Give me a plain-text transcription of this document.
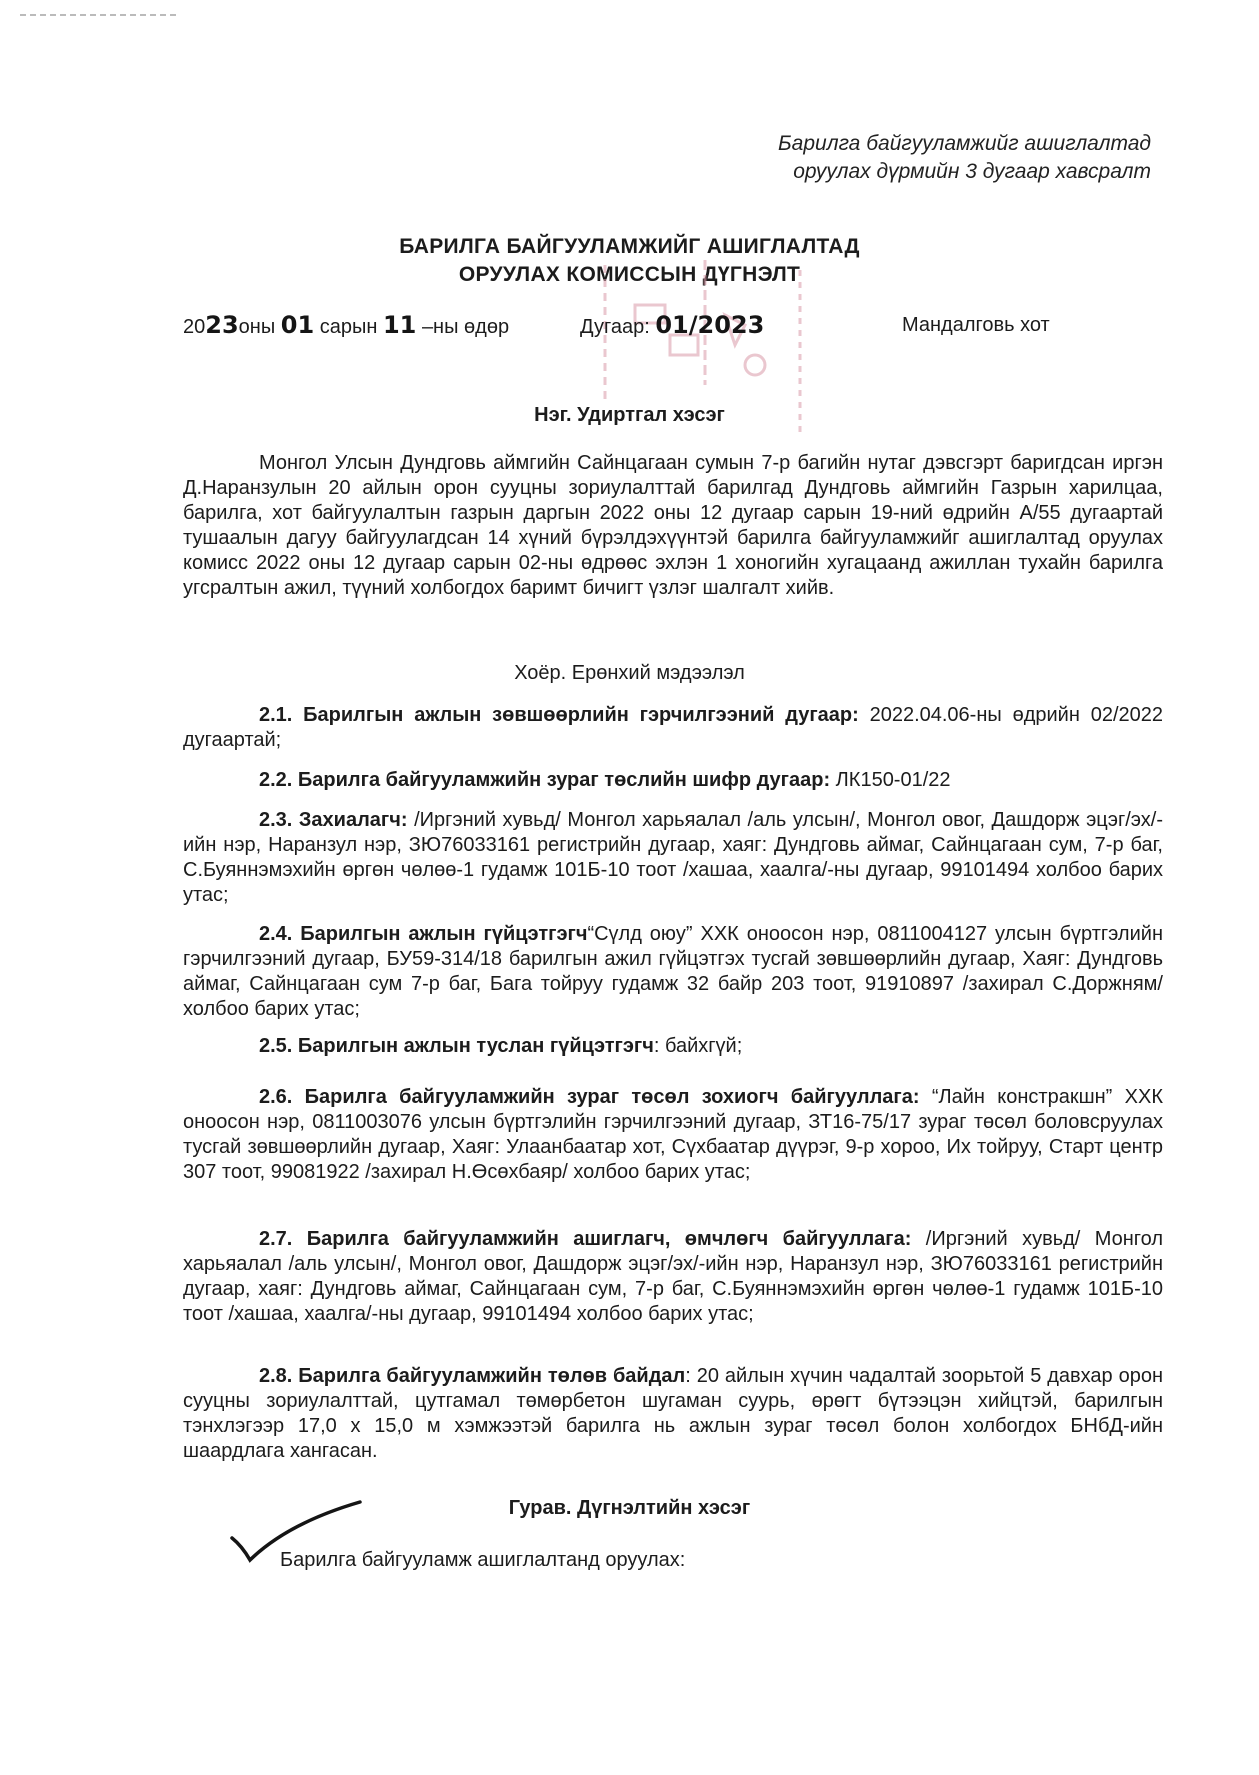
Барилга байгууламжийг ашиглалтад
оруулах дүрмийн 3 дугаар хавсралт
БАРИЛГА БАЙГУУЛАМЖИЙГ АШИГЛАЛТАД
ОРУУЛАХ КОМИССЫН ДҮГНЭЛТ
2023оны 01 сарын 11 –ны өдөр	Дугаар: 01/2023	Мандалговь хот
Нэг. Удиртгал хэсэг

Монгол Улсын Дундговь аймгийн Сайнцагаан сумын 7-р багийн нутаг дэвсгэрт баригдсан иргэн Д.Наранзулын 20 айлын орон сууцны зориулалттай барилгад Дундговь аймгийн Газрын харилцаа, барилга, хот байгуулалтын газрын даргын 2022 оны 12 дугаар сарын 19-ний өдрийн А/55 дугаартай тушаалын дагуу байгуулагдсан 14 хүний бүрэлдэхүүнтэй барилга байгууламжийг ашиглалтад оруулах комисс 2022 оны 12 дугаар сарын 02-ны өдрөөс эхлэн 1 хоногийн хугацаанд ажиллан тухайн барилга угсралтын ажил, түүний холбогдох баримт бичигт үзлэг шалгалт хийв.

Хоёр. Ерөнхий мэдээлэл

2.1. Барилгын ажлын зөвшөөрлийн гэрчилгээний дугаар: 2022.04.06-ны өдрийн 02/2022 дугаартай;

2.2. Барилга байгууламжийн зураг төслийн шифр дугаар: ЛК150-01/22

2.3. Захиалагч: /Иргэний хувьд/ Монгол харьяалал /аль улсын/, Монгол овог, Дашдорж эцэг/эх/-ийн нэр, Наранзул нэр, ЗЮ76033161 регистрийн дугаар, хаяг: Дундговь аймаг, Сайнцагаан сум, 7-р баг, С.Буяннэмэхийн өргөн чөлөө-1 гудамж 101Б-10 тоот /хашаа, хаалга/-ны дугаар, 99101494 холбоо барих утас;

2.4. Барилгын ажлын гүйцэтгэгч“Сүлд оюу” ХХК оноосон нэр, 0811004127 улсын бүртгэлийн гэрчилгээний дугаар, БУ59-314/18 барилгын ажил гүйцэтгэх тусгай зөвшөөрлийн дугаар, Хаяг: Дундговь аймаг, Сайнцагаан сум 7-р баг, Бага тойруу гудамж 32 байр 203 тоот, 91910897 /захирал С.Доржням/ холбоо барих утас;

2.5. Барилгын ажлын туслан гүйцэтгэгч: байхгүй;

2.6. Барилга байгууламжийн зураг төсөл зохиогч байгууллага: “Лайн констракшн” ХХК оноосон нэр, 0811003076 улсын бүртгэлийн гэрчилгээний дугаар, ЗТ16-75/17 зураг төсөл боловсруулах тусгай зөвшөөрлийн дугаар, Хаяг: Улаанбаатар хот, Сүхбаатар дүүрэг, 9-р хороо, Их тойруу, Старт центр 307 тоот, 99081922 /захирал Н.Өсөхбаяр/ холбоо барих утас;

2.7. Барилга байгууламжийн ашиглагч, өмчлөгч байгууллага: /Иргэний хувьд/ Монгол харьяалал /аль улсын/, Монгол овог, Дашдорж эцэг/эх/-ийн нэр, Наранзул нэр, ЗЮ76033161 регистрийн дугаар, хаяг: Дундговь аймаг, Сайнцагаан сум, 7-р баг, С.Буяннэмэхийн өргөн чөлөө-1 гудамж 101Б-10 тоот /хашаа, хаалга/-ны дугаар, 99101494 холбоо барих утас;

2.8. Барилга байгууламжийн төлөв байдал: 20 айлын хүчин чадалтай зоорьтой 5 давхар орон сууцны зориулалттай, цутгамал төмөрбетон шугаман суурь, өрөгт бүтээцэн хийцтэй, барилгын тэнхлэгээр 17,0 х 15,0 м хэмжээтэй барилга нь ажлын зураг төсөл болон холбогдох БНбД-ийн шаардлага хангасан.

Гурав. Дүгнэлтийн хэсэг
Барилга байгууламж ашиглалтанд оруулах:
